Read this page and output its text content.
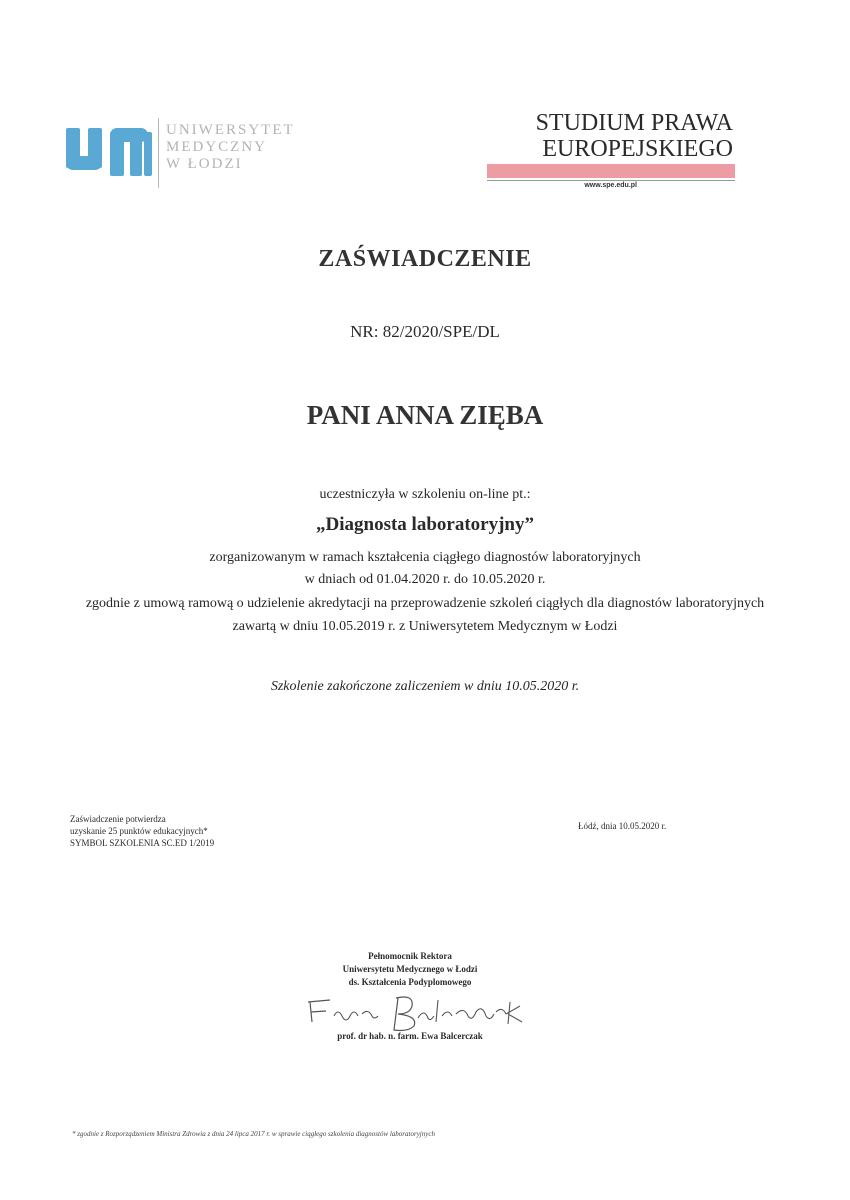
UNIWERSYTET
MEDYCZNY
W ŁODZI
STUDIUM PRAWA
EUROPEJSKIEGO
www.spe.edu.pl
ZAŚWIADCZENIE
NR: 82/2020/SPE/DL
PANI ANNA ZIĘBA
uczestniczyła w szkoleniu on-line pt.:
„Diagnosta laboratoryjny”
zorganizowanym w ramach kształcenia ciągłego diagnostów laboratoryjnych
w dniach od 01.04.2020 r. do 10.05.2020 r.
zgodnie z umową ramową o udzielenie akredytacji na przeprowadzenie szkoleń ciągłych dla diagnostów laboratoryjnych
zawartą w dniu 10.05.2019 r. z Uniwersytetem Medycznym w Łodzi
Szkolenie zakończone zaliczeniem w dniu 10.05.2020 r.
Zaświadczenie potwierdza
uzyskanie 25 punktów edukacyjnych*
SYMBOL SZKOLENIA SC.ED 1/2019
Łódź, dnia 10.05.2020 r.
Pełnomocnik Rektora
Uniwersytetu Medycznego w Łodzi
ds. Kształcenia Podyplomowego
prof. dr hab. n. farm. Ewa Balcerczak
* zgodnie z Rozporządzeniem Ministra Zdrowia z dnia 24 lipca 2017 r. w sprawie ciągłego szkolenia diagnostów laboratoryjnych
